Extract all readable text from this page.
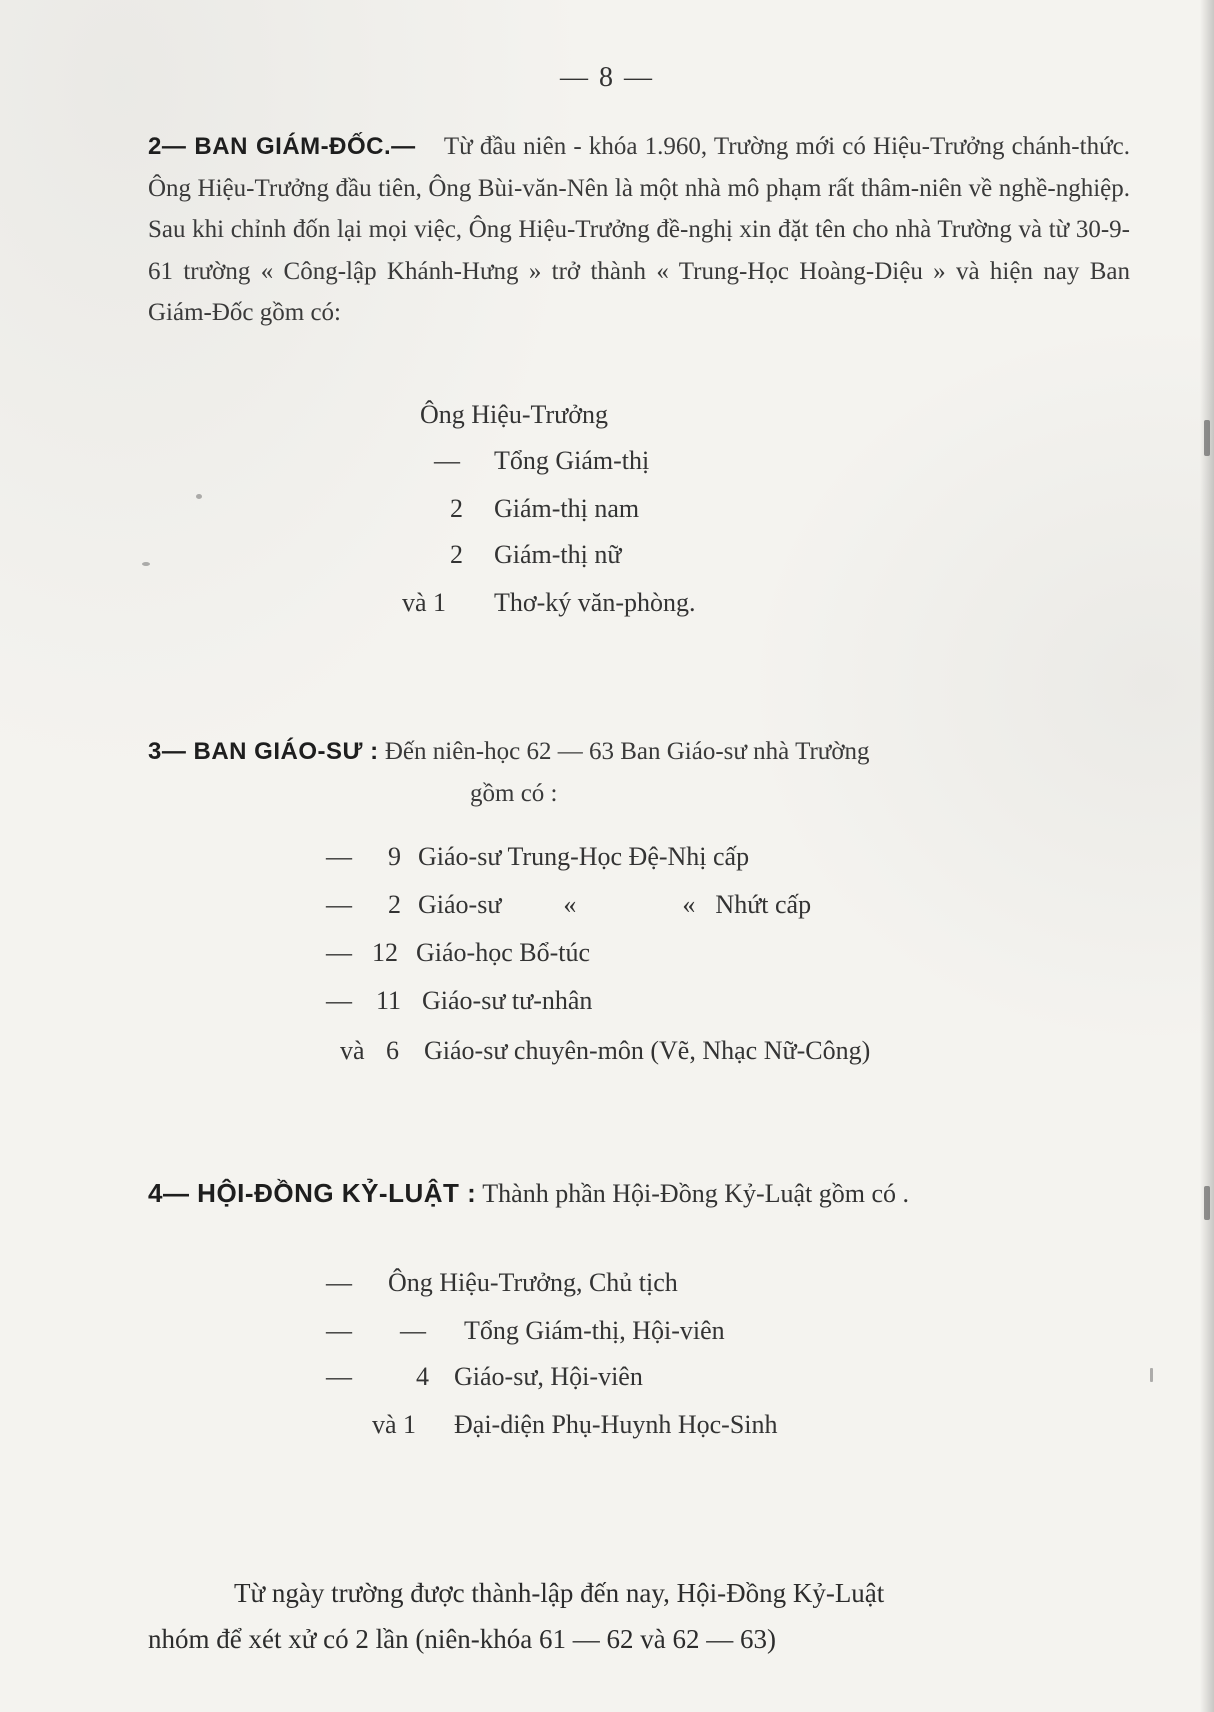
— 8 —
2— BAN GIÁM-ĐỐC.— Từ đầu niên - khóa 1.960, Trường mới có Hiệu-Trưởng chánh-thức. Ông Hiệu-Trưởng đầu tiên, Ông Bùi-văn-Nên là một nhà mô phạm rất thâm-niên về nghề-nghiệp. Sau khi chỉnh đốn lại mọi việc, Ông Hiệu-Trưởng đề-nghị xin đặt tên cho nhà Trường và từ 30-9-61 trường « Công-lập Khánh-Hưng » trở thành « Trung-Học Hoàng-Diệu » và hiện nay Ban Giám-Đốc gồm có:
Ông Hiệu-Trưởng
— Tổng Giám-thị
2 Giám-thị nam
2 Giám-thị nữ
và 1 Thơ-ký văn-phòng.
3— BAN GIÁO-SƯ : Đến niên-học 62 — 63 Ban Giáo-sư nhà Trường
gồm có :
— 9 Giáo-sư Trung-Học Đệ-Nhị cấp
— 2 Giáo-sư «	« Nhứt cấp
— 12 Giáo-học Bổ-túc
— 11 Giáo-sư tư-nhân
và 6 Giáo-sư chuyên-môn (Vẽ, Nhạc Nữ-Công)
4— HỘI-ĐỒNG KỶ-LUẬT : Thành phần Hội-Đồng Kỷ-Luật gồm có .
— Ông Hiệu-Trưởng, Chủ tịch
— — Tổng Giám-thị, Hội-viên
— 4 Giáo-sư, Hội-viên
và 1 Đại-diện Phụ-Huynh Học-Sinh
Từ ngày trường được thành-lập đến nay, Hội-Đồng Kỷ-Luật
nhóm để xét xử có 2 lần (niên-khóa 61 — 62 và 62 — 63)
